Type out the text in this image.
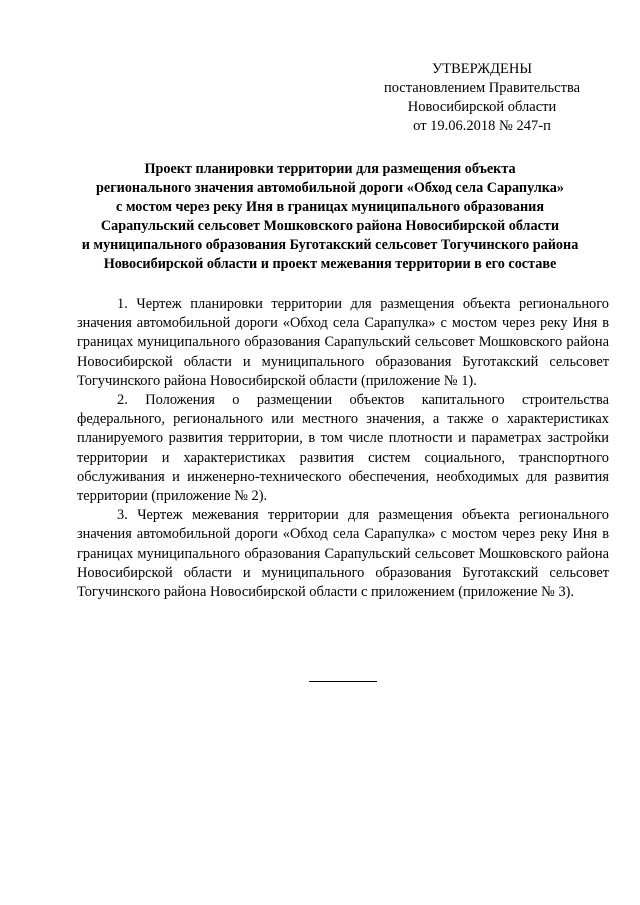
УТВЕРЖДЕНЫ
постановлением Правительства
Новосибирской области
от 19.06.2018 № 247-п
Проект планировки территории для размещения объекта
регионального значения автомобильной дороги «Обход села Сарапулка»
с мостом через реку Иня в границах муниципального образования
Сарапульский сельсовет Мошковского района Новосибирской области
и муниципального образования Буготакский сельсовет Тогучинского района
Новосибирской области и проект межевания территории в его составе

1. Чертеж планировки территории для размещения объекта регионального значения автомобильной дороги «Обход села Сарапулка» с мостом через реку Иня в границах муниципального образования Сарапульский сельсовет Мошковского района Новосибирской области и муниципального образования Буготакский сельсовет Тогучинского района Новосибирской области (приложение № 1).

2. Положения о размещении объектов капитального строительства федерального, регионального или местного значения, а также о характеристиках планируемого развития территории, в том числе плотности и параметрах застройки территории и характеристиках развития систем социального, транспортного обслуживания и инженерно-технического обеспечения, необходимых для развития территории (приложение № 2).

3. Чертеж межевания территории для размещения объекта регионального значения автомобильной дороги «Обход села Сарапулка» с мостом через реку Иня в границах муниципального образования Сарапульский сельсовет Мошковского района Новосибирской области и муниципального образования Буготакский сельсовет Тогучинского района Новосибирской области с приложением (приложение № 3).
